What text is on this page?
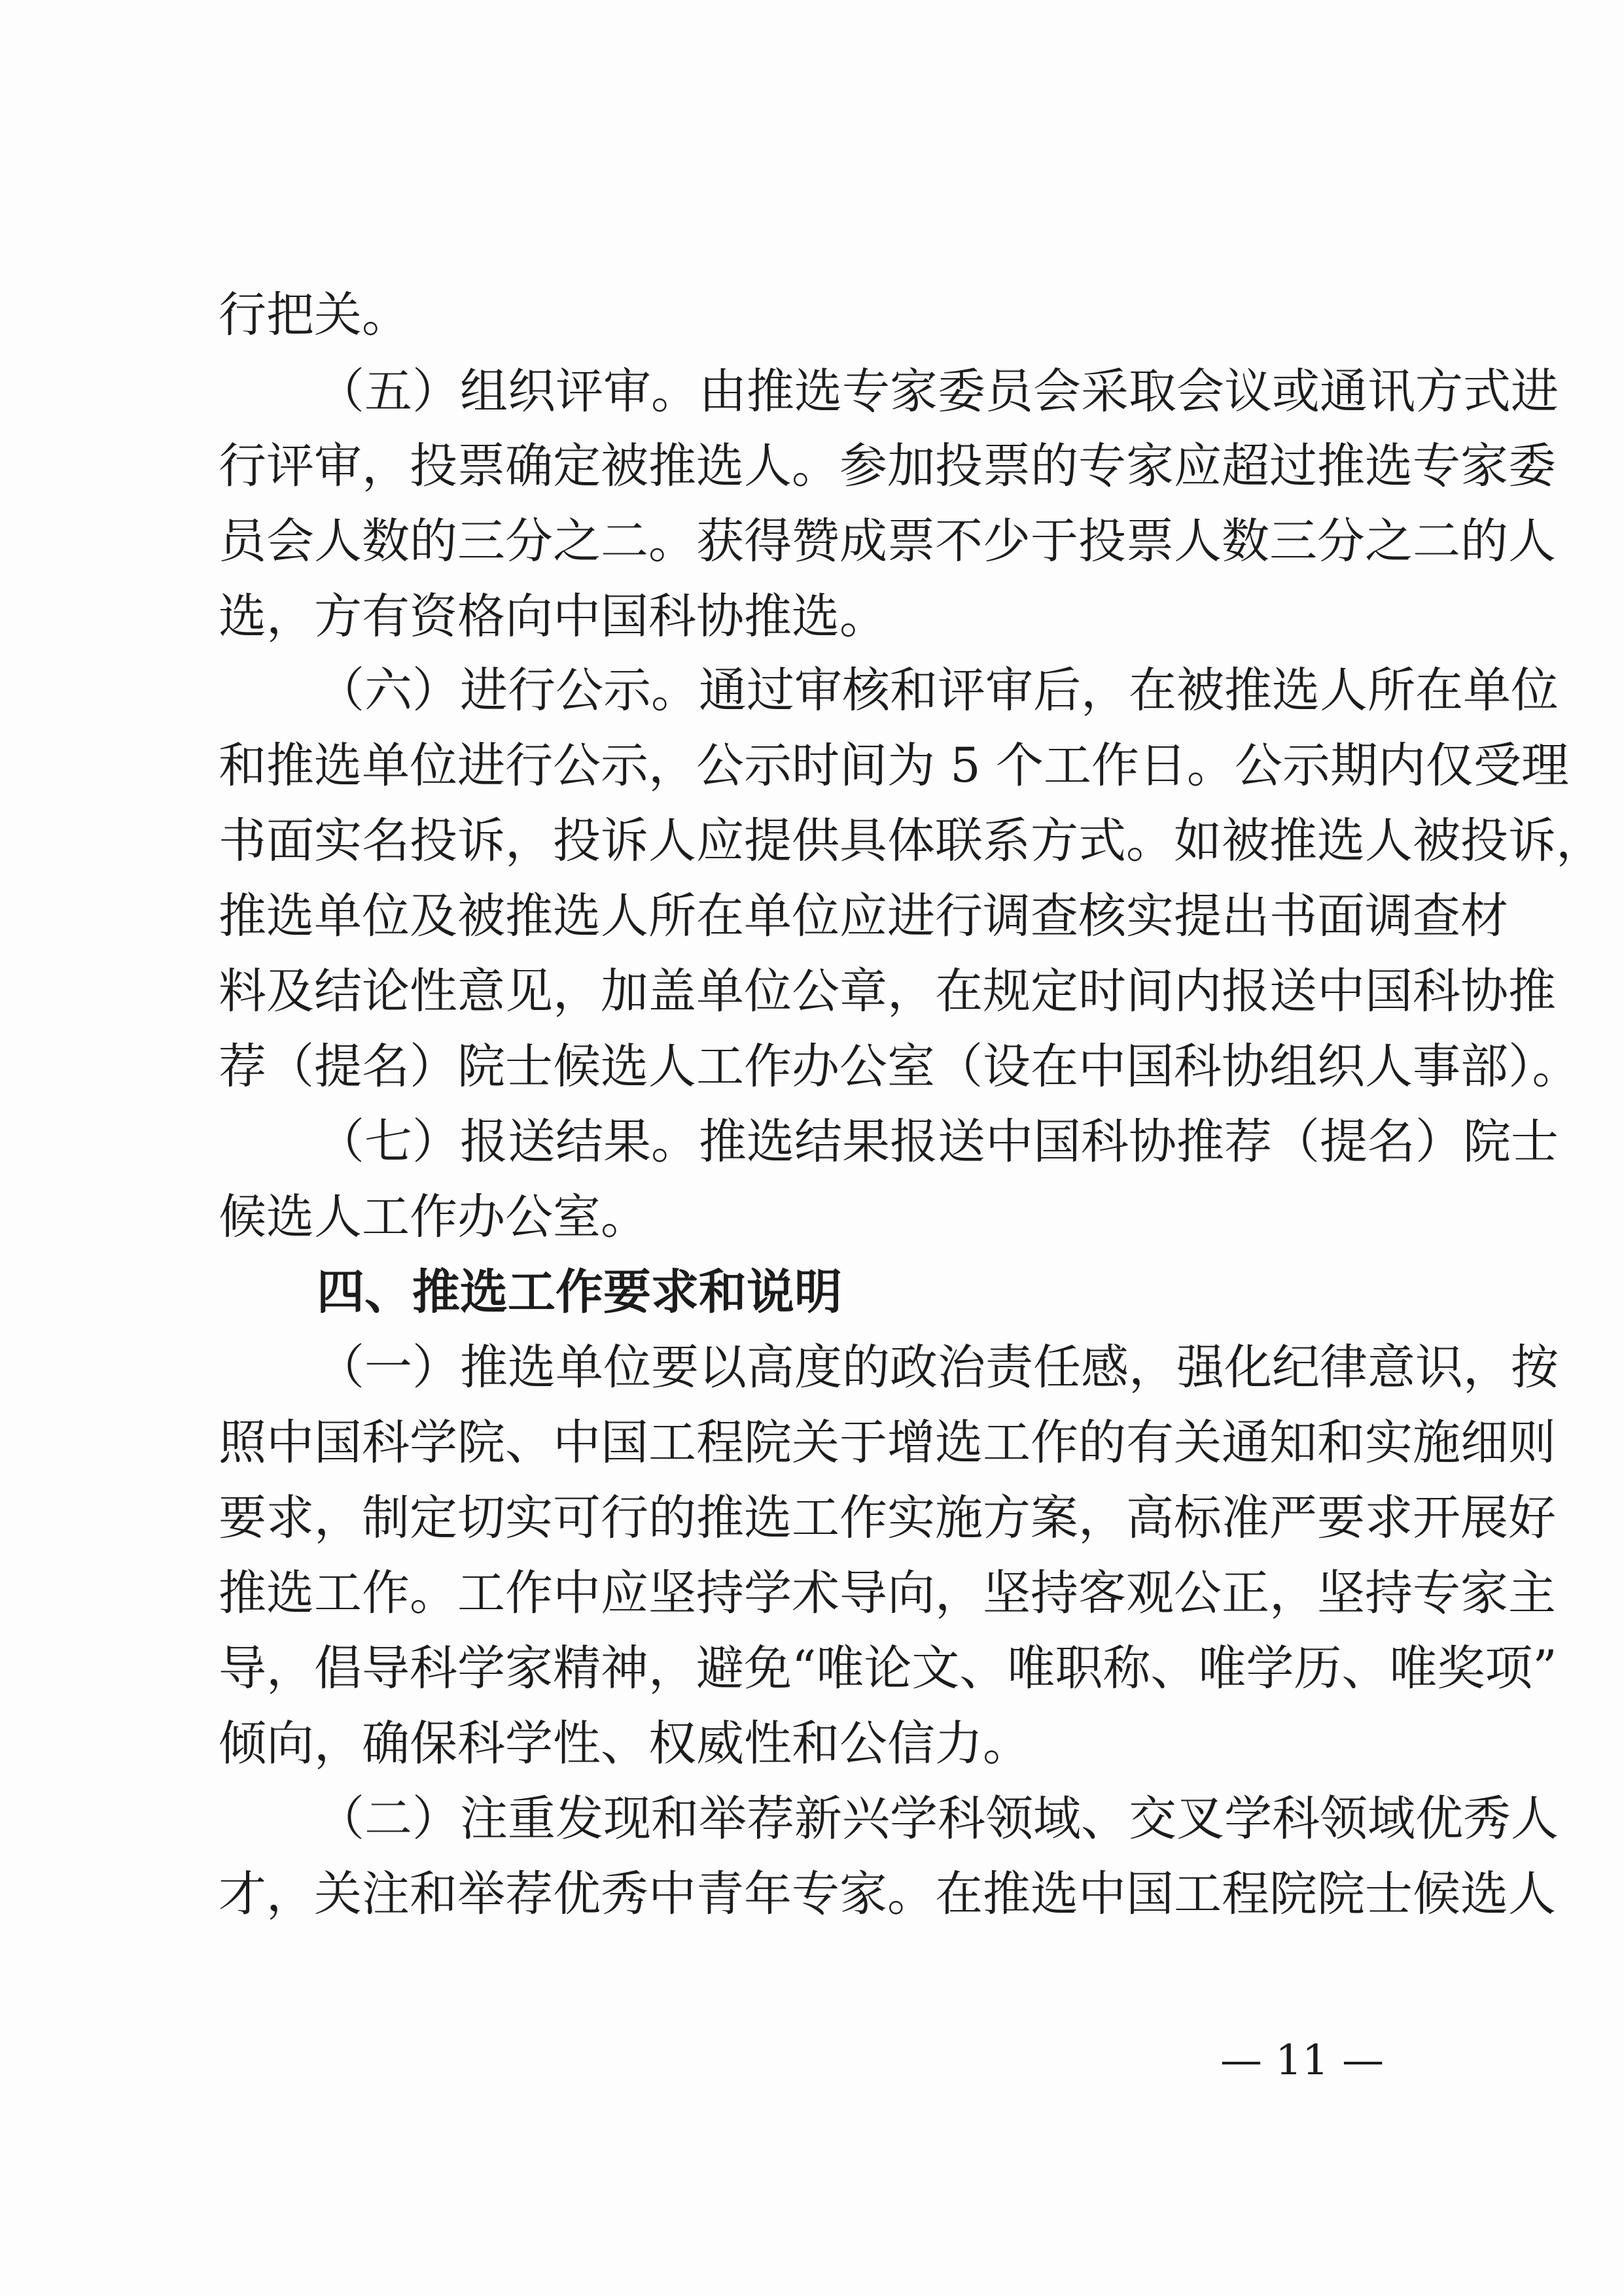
行把关。
（五）组织评审。由推选专家委员会采取会议或通讯方式进
行评审，投票确定被推选人。参加投票的专家应超过推选专家委
员会人数的三分之二。获得赞成票不少于投票人数三分之二的人
选，方有资格向中国科协推选。
（六）进行公示。通过审核和评审后，在被推选人所在单位
和推选单位进行公示，公示时间为 5 个工作日。公示期内仅受理
书面实名投诉，投诉人应提供具体联系方式。如被推选人被投诉，
推选单位及被推选人所在单位应进行调查核实提出书面调查材
料及结论性意见，加盖单位公章，在规定时间内报送中国科协推
荐（提名）院士候选人工作办公室（设在中国科协组织人事部）。
（七）报送结果。推选结果报送中国科协推荐（提名）院士
候选人工作办公室。
四、推选工作要求和说明
（一）推选单位要以高度的政治责任感，强化纪律意识，按
照中国科学院、中国工程院关于增选工作的有关通知和实施细则
要求，制定切实可行的推选工作实施方案，高标准严要求开展好
推选工作。工作中应坚持学术导向，坚持客观公正，坚持专家主
导，倡导科学家精神，避免“唯论文、唯职称、唯学历、唯奖项”
倾向，确保科学性、权威性和公信力。
（二）注重发现和举荐新兴学科领域、交叉学科领域优秀人
才，关注和举荐优秀中青年专家。在推选中国工程院院士候选人
— 11 —
